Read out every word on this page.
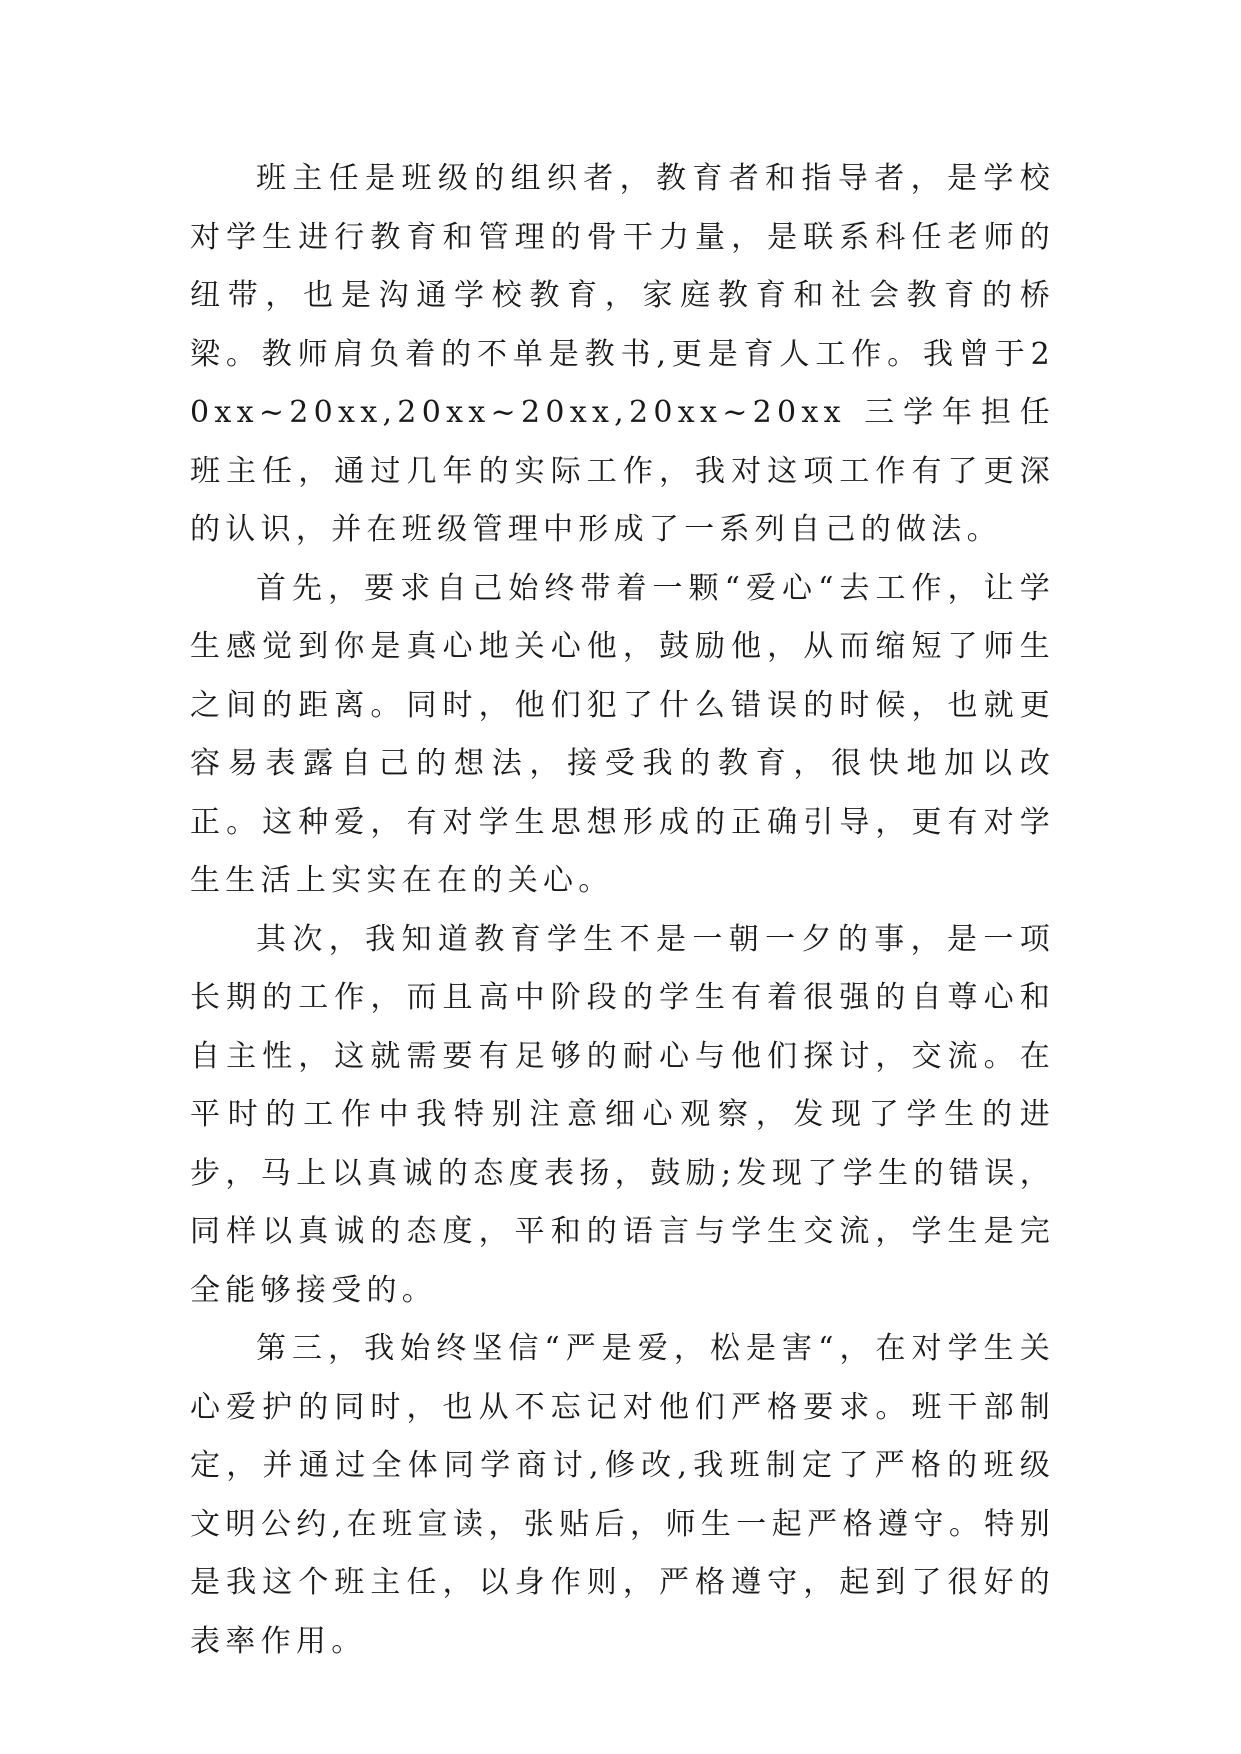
班主任是班级的组织者，教育者和指导者，是学校对学生进行教育和管理的骨干力量，是联系科任老师的纽带，也是沟通学校教育，家庭教育和社会教育的桥梁。教师肩负着的不单是教书,更是育人工作。我曾于20xx~20xx,20xx~20xx,20xx~20xx 三学年担任班主任，通过几年的实际工作，我对这项工作有了更深的认识，并在班级管理中形成了一系列自己的做法。

首先，要求自己始终带着一颗“爱心“去工作，让学生感觉到你是真心地关心他，鼓励他，从而缩短了师生之间的距离。同时，他们犯了什么错误的时候，也就更容易表露自己的想法，接受我的教育，很快地加以改正。这种爱，有对学生思想形成的正确引导，更有对学生生活上实实在在的关心。

其次，我知道教育学生不是一朝一夕的事，是一项长期的工作，而且高中阶段的学生有着很强的自尊心和自主性，这就需要有足够的耐心与他们探讨，交流。在平时的工作中我特别注意细心观察，发现了学生的进步，马上以真诚的态度表扬，鼓励;发现了学生的错误，同样以真诚的态度，平和的语言与学生交流，学生是完全能够接受的。

第三，我始终坚信“严是爱，松是害“，在对学生关心爱护的同时，也从不忘记对他们严格要求。班干部制定，并通过全体同学商讨,修改,我班制定了严格的班级文明公约,在班宣读，张贴后，师生一起严格遵守。特别是我这个班主任，以身作则，严格遵守，起到了很好的表率作用。
